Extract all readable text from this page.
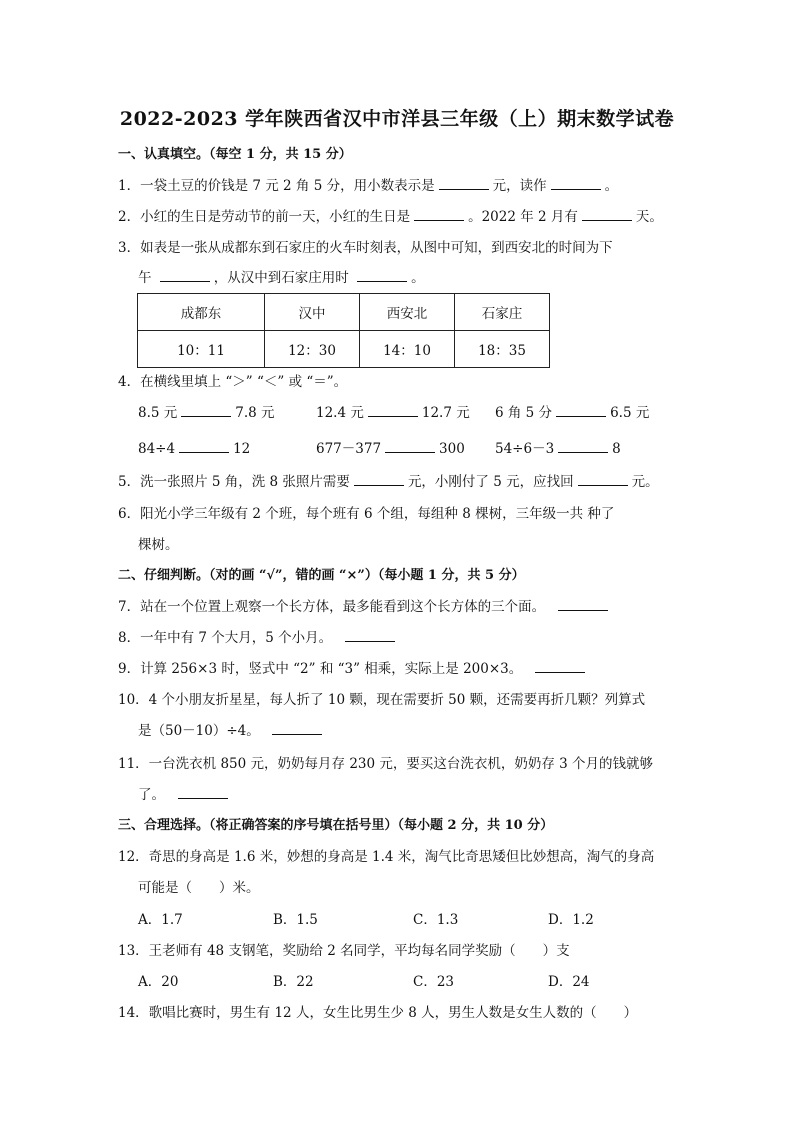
2022-2023 学年陕西省汉中市洋县三年级（上）期末数学试卷
一、认真填空。（每空 1 分，共 15 分）
1．一袋土豆的价钱是 7 元 2 角 5 分，用小数表示是	元，读作	。
2．小红的生日是劳动节的前一天，小红的生日是	。2022 年 2 月有	天。
3．如表是一张从成都东到石家庄的火车时刻表，从图中可知，到西安北的时间为下
午	，从汉中到石家庄用时	。
成都东	汉中	西安北	石家庄
10：11	12：30	14：10	18：35
4．在横线里填上 “＞” “＜” 或 “＝”。
8.5 元	7.8 元	12.4 元	12.7 元 6 角 5 分	6.5 元
84÷4	12	677－377	300 54÷6－3	8
5．洗一张照片 5 角，洗 8 张照片需要	元，小刚付了 5 元，应找回	元。
6．阳光小学三年级有 2 个班，每个班有 6 个组，每组种 8 棵树，三年级一共 种了
棵树。
二、仔细判断。（对的画 “√”，错的画 “×”）（每小题 1 分，共 5 分）
7．站在一个位置上观察一个长方体，最多能看到这个长方体的三个面。
8．一年中有 7 个大月，5 个小月。
9．计算 256×3 时，竖式中 “2” 和 “3” 相乘，实际上是 200×3。
10．4 个小朋友折星星，每人折了 10 颗，现在需要折 50 颗，还需要再折几颗？列算式
是（50－10）÷4。
11．一台洗衣机 850 元，奶奶每月存 230 元，要买这台洗衣机，奶奶存 3 个月的钱就够
了。
三、合理选择。（将正确答案的序号填在括号里）（每小题 2 分，共 10 分）
12．奇思的身高是 1.6 米，妙想的身高是 1.4 米，淘气比奇思矮但比妙想高，淘气的身高
可能是（　　）米。
A．1.7	B．1.5	C．1.3	D．1.2
13．王老师有 48 支钢笔，奖励给 2 名同学，平均每名同学奖励（　　）支
A．20	B．22	C．23	D．24
14．歌唱比赛时，男生有 12 人，女生比男生少 8 人，男生人数是女生人数的（　　）
